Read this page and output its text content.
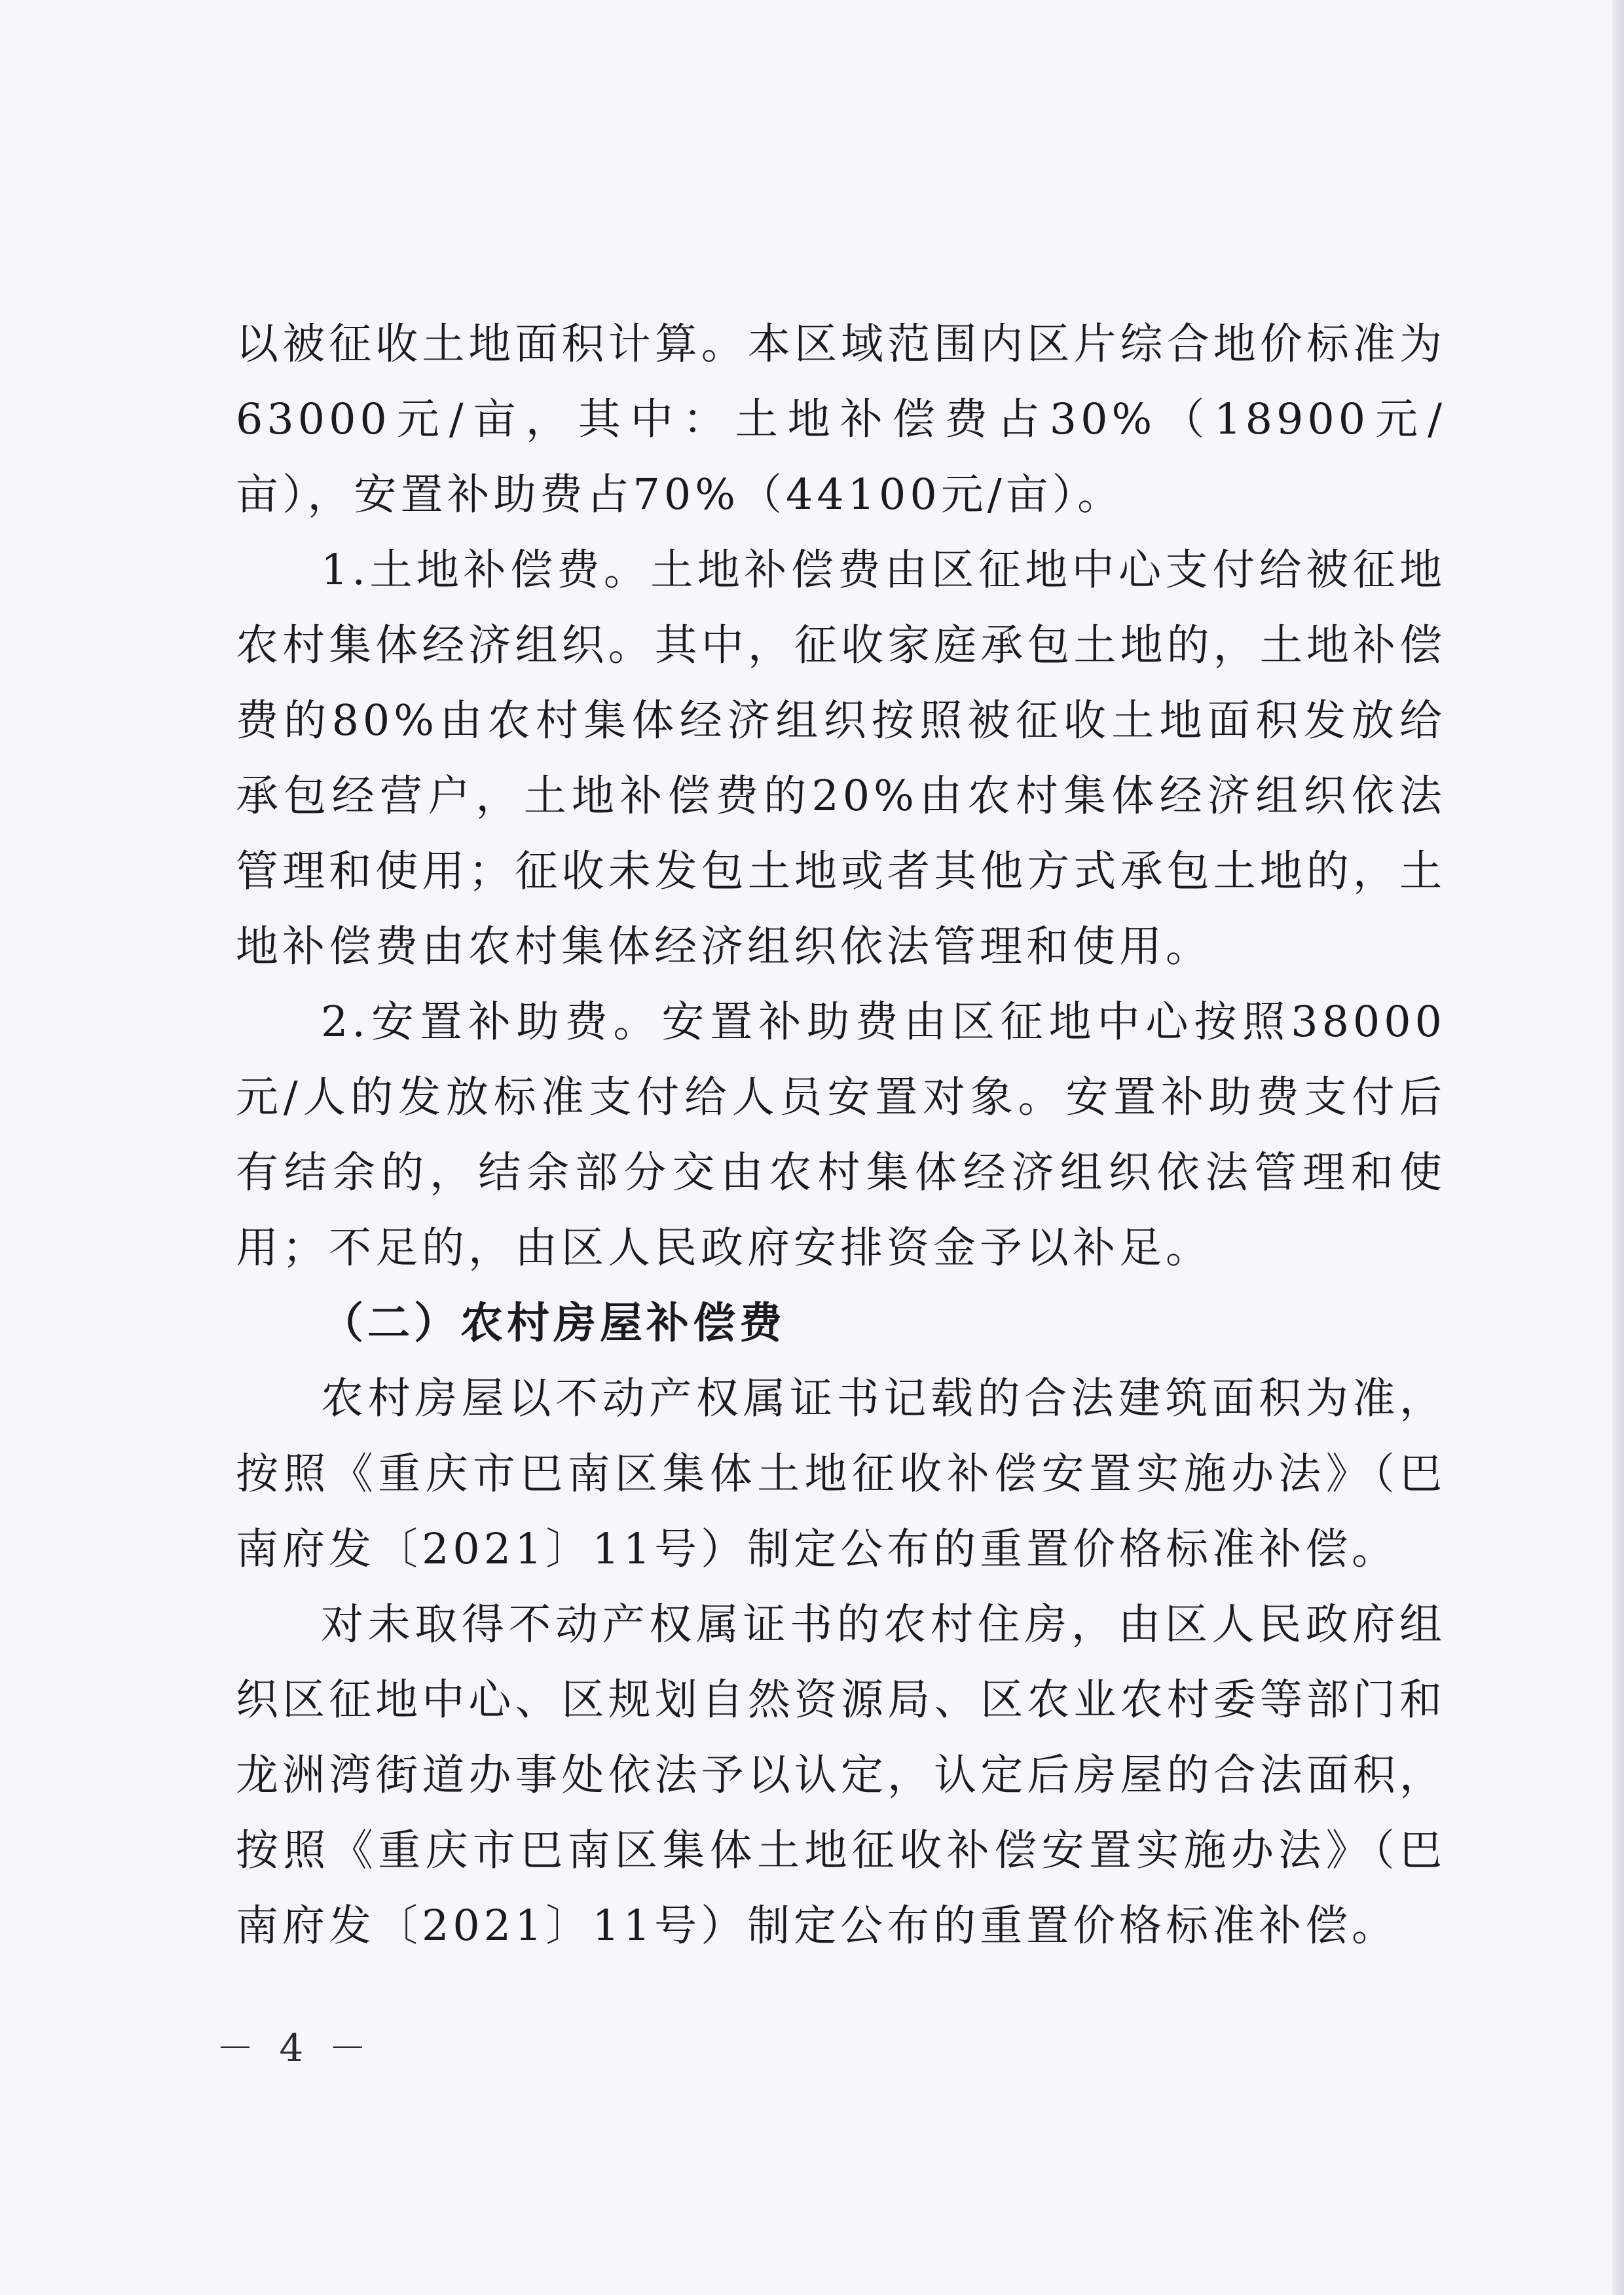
以被征收土地面积计算。本区域范围内区片综合地价标准为63000元/亩，其中：土地补偿费占30%（18900元/亩），安置补助费占70%（44100元/亩）。

1.土地补偿费。土地补偿费由区征地中心支付给被征地农村集体经济组织。其中，征收家庭承包土地的，土地补偿费的80%由农村集体经济组织按照被征收土地面积发放给承包经营户，土地补偿费的20%由农村集体经济组织依法管理和使用；征收未发包土地或者其他方式承包土地的，土地补偿费由农村集体经济组织依法管理和使用。

2.安置补助费。安置补助费由区征地中心按照38000元/人的发放标准支付给人员安置对象。安置补助费支付后有结余的，结余部分交由农村集体经济组织依法管理和使用；不足的，由区人民政府安排资金予以补足。

（二）农村房屋补偿费

农村房屋以不动产权属证书记载的合法建筑面积为准，按照《重庆市巴南区集体土地征收补偿安置实施办法》（巴南府发〔2021〕11号）制定公布的重置价格标准补偿。

对未取得不动产权属证书的农村住房，由区人民政府组织区征地中心、区规划自然资源局、区农业农村委等部门和龙洲湾街道办事处依法予以认定，认定后房屋的合法面积，按照《重庆市巴南区集体土地征收补偿安置实施办法》（巴南府发〔2021〕11号）制定公布的重置价格标准补偿。

－ 4 －
